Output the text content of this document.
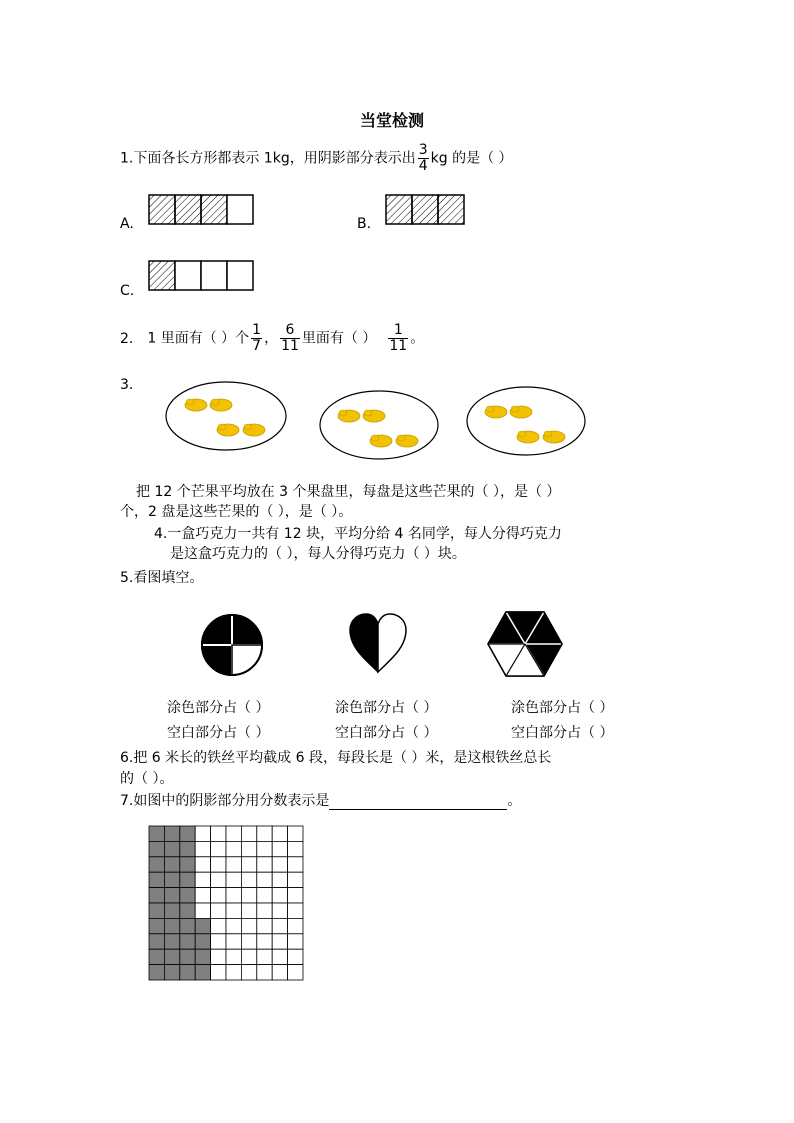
当堂检测
1.下面各长方形都表示 1kg，用阴影部分表示出 $\frac{3}{4}$ kg 的是（ ）
A.	B.
C.
2. 1 里面有（ ）个 $\frac{1}{7}$ ， $\frac{6}{11}$ 里面有（ ） $\frac{1}{11}$ 。
3.
把 12 个芒果平均放在 3 个果盘里，每盘是这些芒果的（ ），是（ ）
个，2 盘是这些芒果的（ ），是（ ）。
4.一盒巧克力一共有 12 块，平均分给 4 名同学，每人分得巧克力
是这盒巧克力的（ ），每人分得巧克力（ ）块。
5.看图填空。
涂色部分占（ ）
空白部分占（ ）
涂色部分占（ ）
空白部分占（ ）
涂色部分占（ ）
空白部分占（ ）
6.把 6 米长的铁丝平均截成 6 段，每段长是（ ）米，是这根铁丝总长
的（ ）。
7.如图中的阴影部分用分数表示是	。
